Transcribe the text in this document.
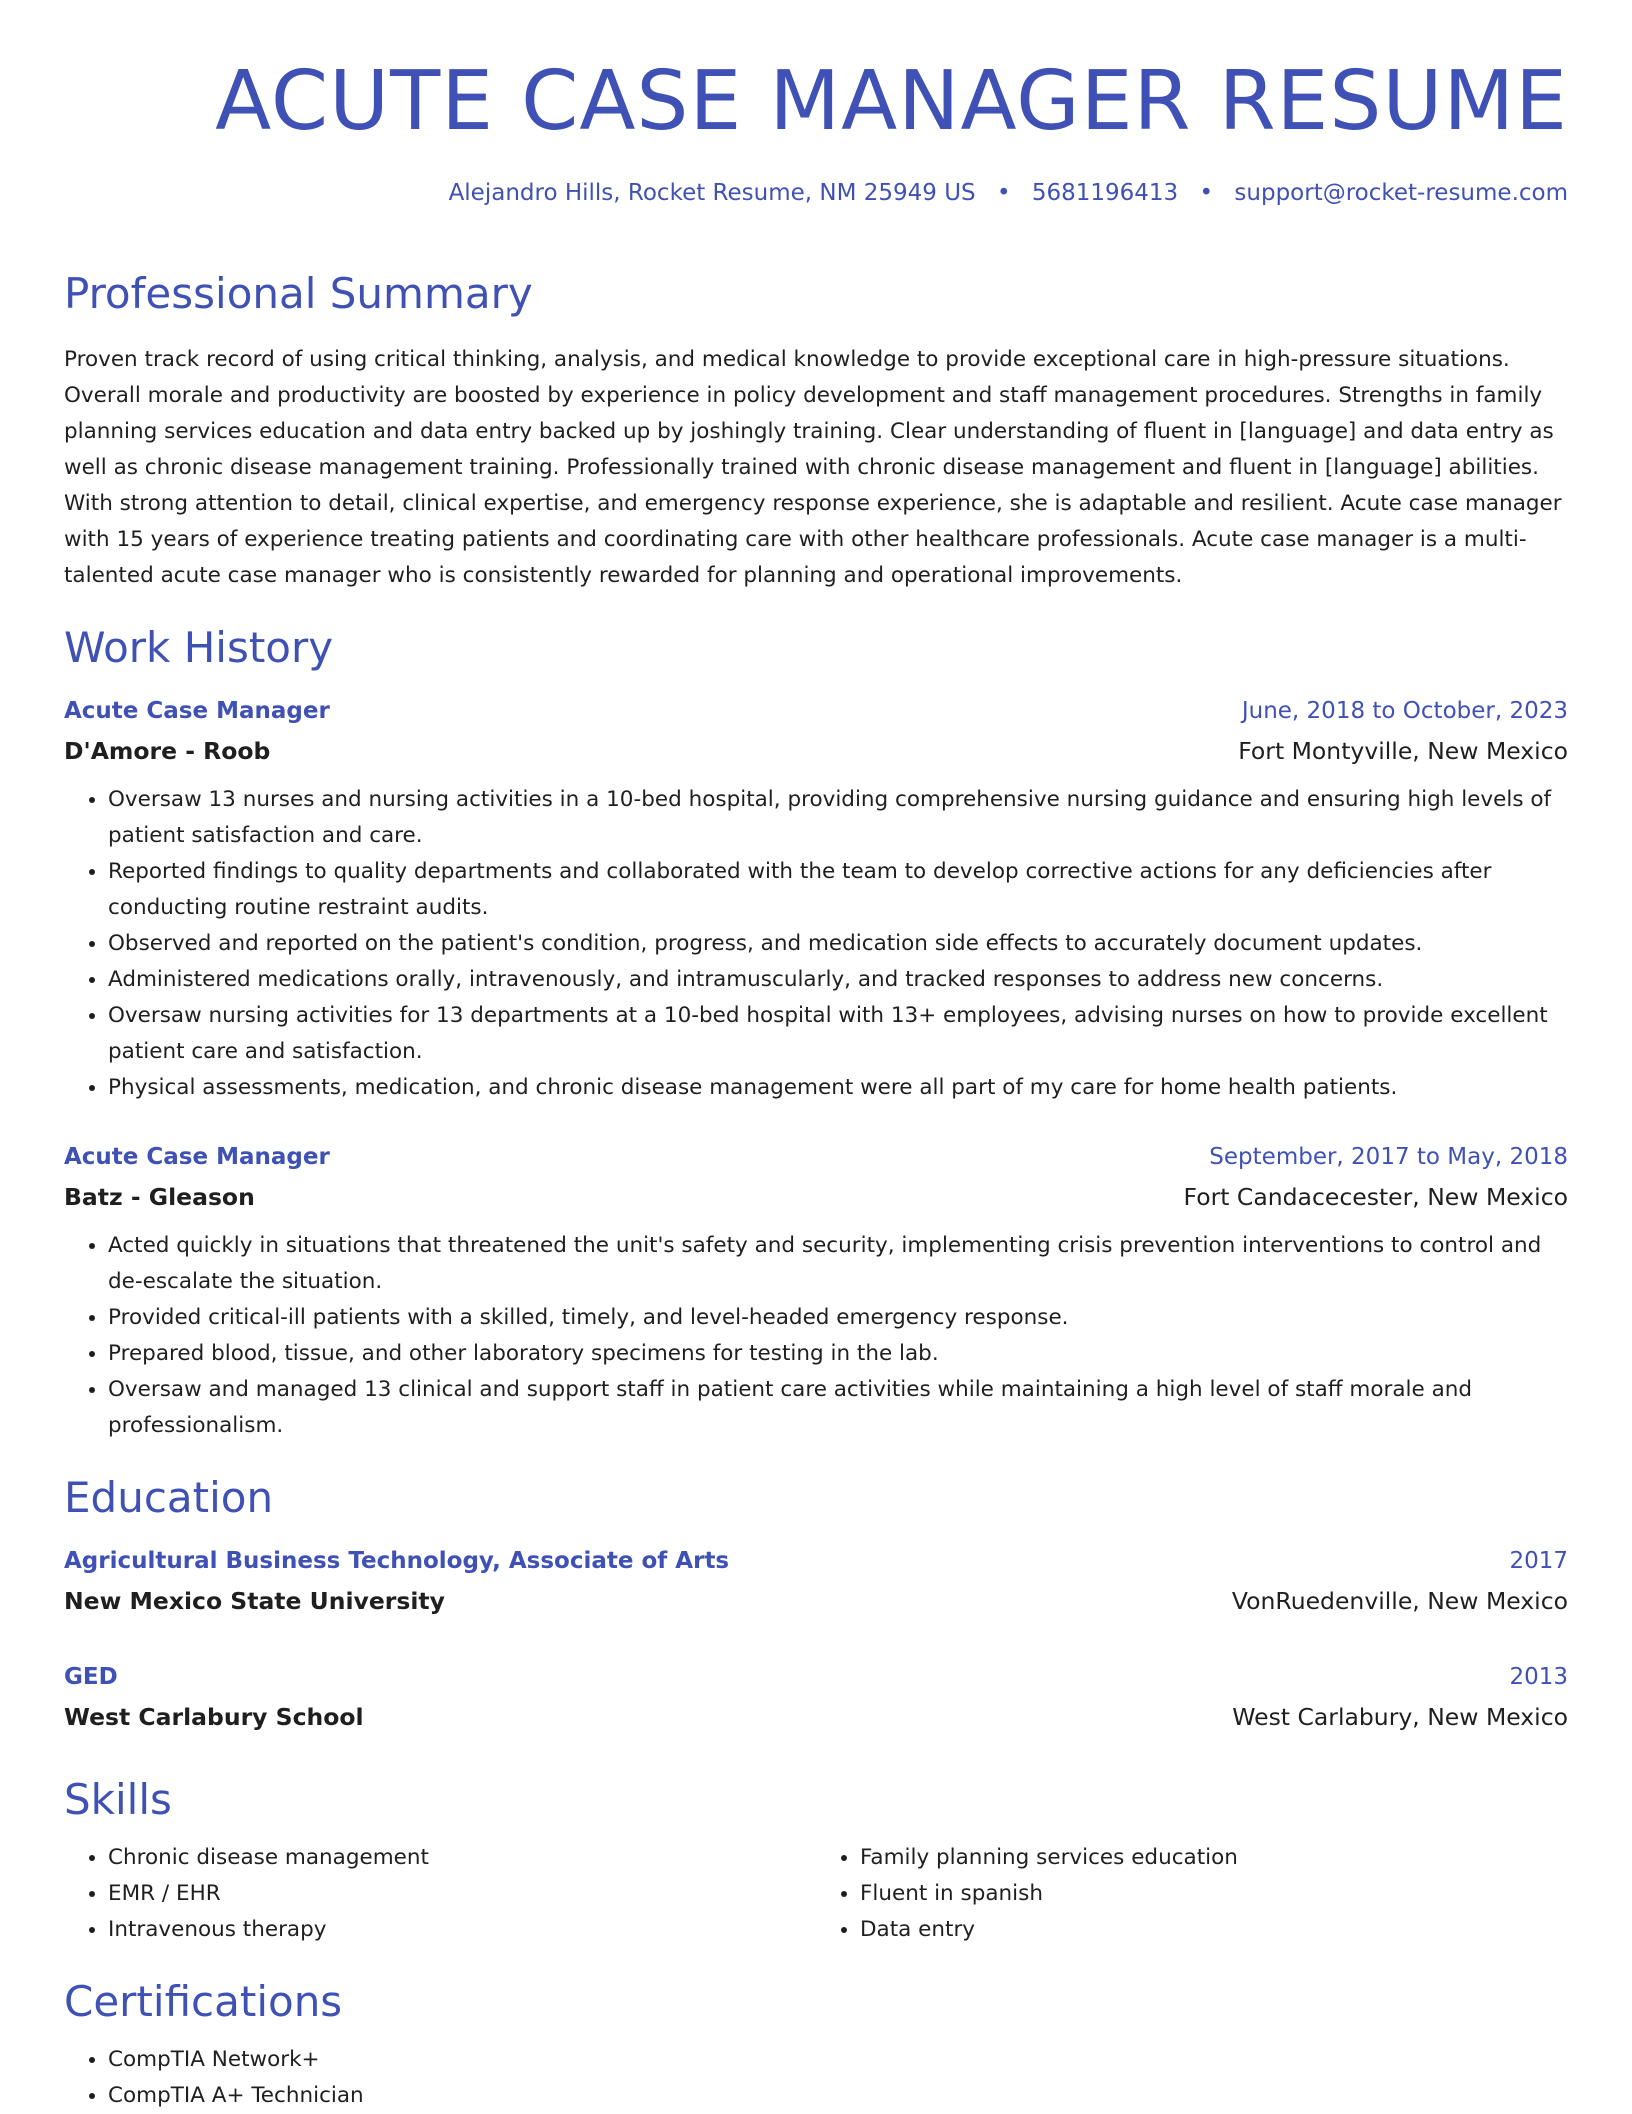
ACUTE CASE MANAGER RESUME
Alejandro Hills, Rocket Resume, NM 25949 US • 5681196413 • support@rocket-resume.com
Professional Summary
Proven track record of using critical thinking, analysis, and medical knowledge to provide exceptional care in high-pressure situations. Overall morale and productivity are boosted by experience in policy development and staff management procedures. Strengths in family planning services education and data entry backed up by joshingly training. Clear understanding of fluent in [language] and data entry as well as chronic disease management training. Professionally trained with chronic disease management and fluent in [language] abilities. With strong attention to detail, clinical expertise, and emergency response experience, she is adaptable and resilient. Acute case manager with 15 years of experience treating patients and coordinating care with other healthcare professionals. Acute case manager is a multi-talented acute case manager who is consistently rewarded for planning and operational improvements.
Work History
Acute Case Manager	June, 2018 to October, 2023
D'Amore - Roob	Fort Montyville, New Mexico
• Oversaw 13 nurses and nursing activities in a 10-bed hospital, providing comprehensive nursing guidance and ensuring high levels of patient satisfaction and care.
• Reported findings to quality departments and collaborated with the team to develop corrective actions for any deficiencies after conducting routine restraint audits.
• Observed and reported on the patient's condition, progress, and medication side effects to accurately document updates.
• Administered medications orally, intravenously, and intramuscularly, and tracked responses to address new concerns.
• Oversaw nursing activities for 13 departments at a 10-bed hospital with 13+ employees, advising nurses on how to provide excellent patient care and satisfaction.
• Physical assessments, medication, and chronic disease management were all part of my care for home health patients.
Acute Case Manager	September, 2017 to May, 2018
Batz - Gleason	Fort Candacecester, New Mexico
• Acted quickly in situations that threatened the unit's safety and security, implementing crisis prevention interventions to control and de-escalate the situation.
• Provided critical-ill patients with a skilled, timely, and level-headed emergency response.
• Prepared blood, tissue, and other laboratory specimens for testing in the lab.
• Oversaw and managed 13 clinical and support staff in patient care activities while maintaining a high level of staff morale and professionalism.
Education
Agricultural Business Technology, Associate of Arts	2017
New Mexico State University	VonRuedenville, New Mexico
GED	2013
West Carlabury School	West Carlabury, New Mexico
Skills
• Chronic disease management
• EMR / EHR
• Intravenous therapy
• Family planning services education
• Fluent in spanish
• Data entry
Certifications
• CompTIA Network+
• CompTIA A+ Technician
